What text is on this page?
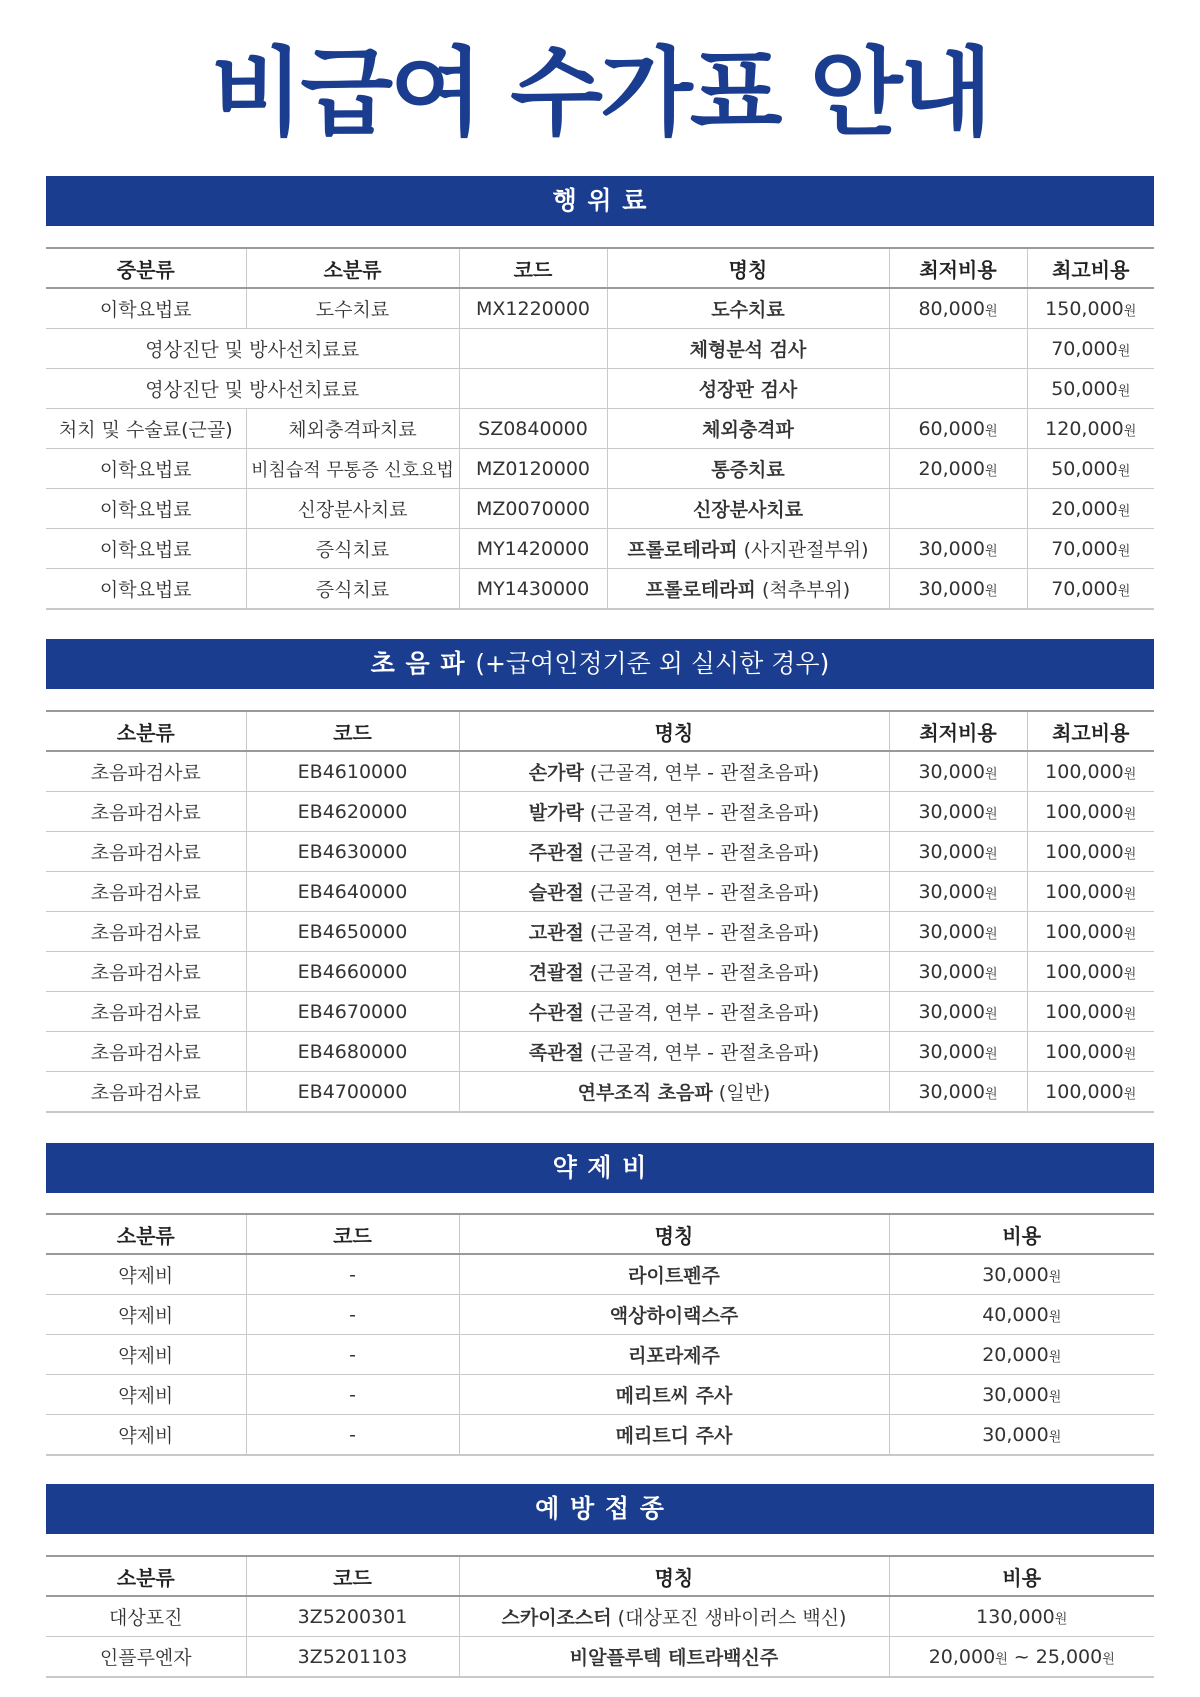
비급여 수가표 안내
행 위 료
중분류	소분류	코드	명칭	최저비용	최고비용
이학요법료	도수치료	MX1220000	도수치료	80,000원	150,000원
영상진단 및 방사선치료료			체형분석 검사		70,000원
영상진단 및 방사선치료료			성장판 검사		50,000원
처치 및 수술료(근골)	체외충격파치료	SZ0840000	체외충격파	60,000원	120,000원
이학요법료	비침습적 무통증 신호요법	MZ0120000	통증치료	20,000원	50,000원
이학요법료	신장분사치료	MZ0070000	신장분사치료		20,000원
이학요법료	증식치료	MY1420000	프롤로테라피 (사지관절부위)	30,000원	70,000원
이학요법료	증식치료	MY1430000	프롤로테라피 (척추부위)	30,000원	70,000원
초 음 파 (+급여인정기준 외 실시한 경우)
소분류	코드	명칭	최저비용	최고비용
초음파검사료	EB4610000	손가락 (근골격, 연부 - 관절초음파)	30,000원	100,000원
초음파검사료	EB4620000	발가락 (근골격, 연부 - 관절초음파)	30,000원	100,000원
초음파검사료	EB4630000	주관절 (근골격, 연부 - 관절초음파)	30,000원	100,000원
초음파검사료	EB4640000	슬관절 (근골격, 연부 - 관절초음파)	30,000원	100,000원
초음파검사료	EB4650000	고관절 (근골격, 연부 - 관절초음파)	30,000원	100,000원
초음파검사료	EB4660000	견괄절 (근골격, 연부 - 관절초음파)	30,000원	100,000원
초음파검사료	EB4670000	수관절 (근골격, 연부 - 관절초음파)	30,000원	100,000원
초음파검사료	EB4680000	족관절 (근골격, 연부 - 관절초음파)	30,000원	100,000원
초음파검사료	EB4700000	연부조직 초음파 (일반)	30,000원	100,000원
약 제 비
소분류	코드	명칭	비용
약제비	-	라이트펜주	30,000원
약제비	-	액상하이랙스주	40,000원
약제비	-	리포라제주	20,000원
약제비	-	메리트씨 주사	30,000원
약제비	-	메리트디 주사	30,000원
예 방 접 종
소분류	코드	명칭	비용
대상포진	3Z5200301	스카이조스터 (대상포진 생바이러스 백신)	130,000원
인플루엔자	3Z5201103	비알플루텍 테트라백신주	20,000원 ~ 25,000원
